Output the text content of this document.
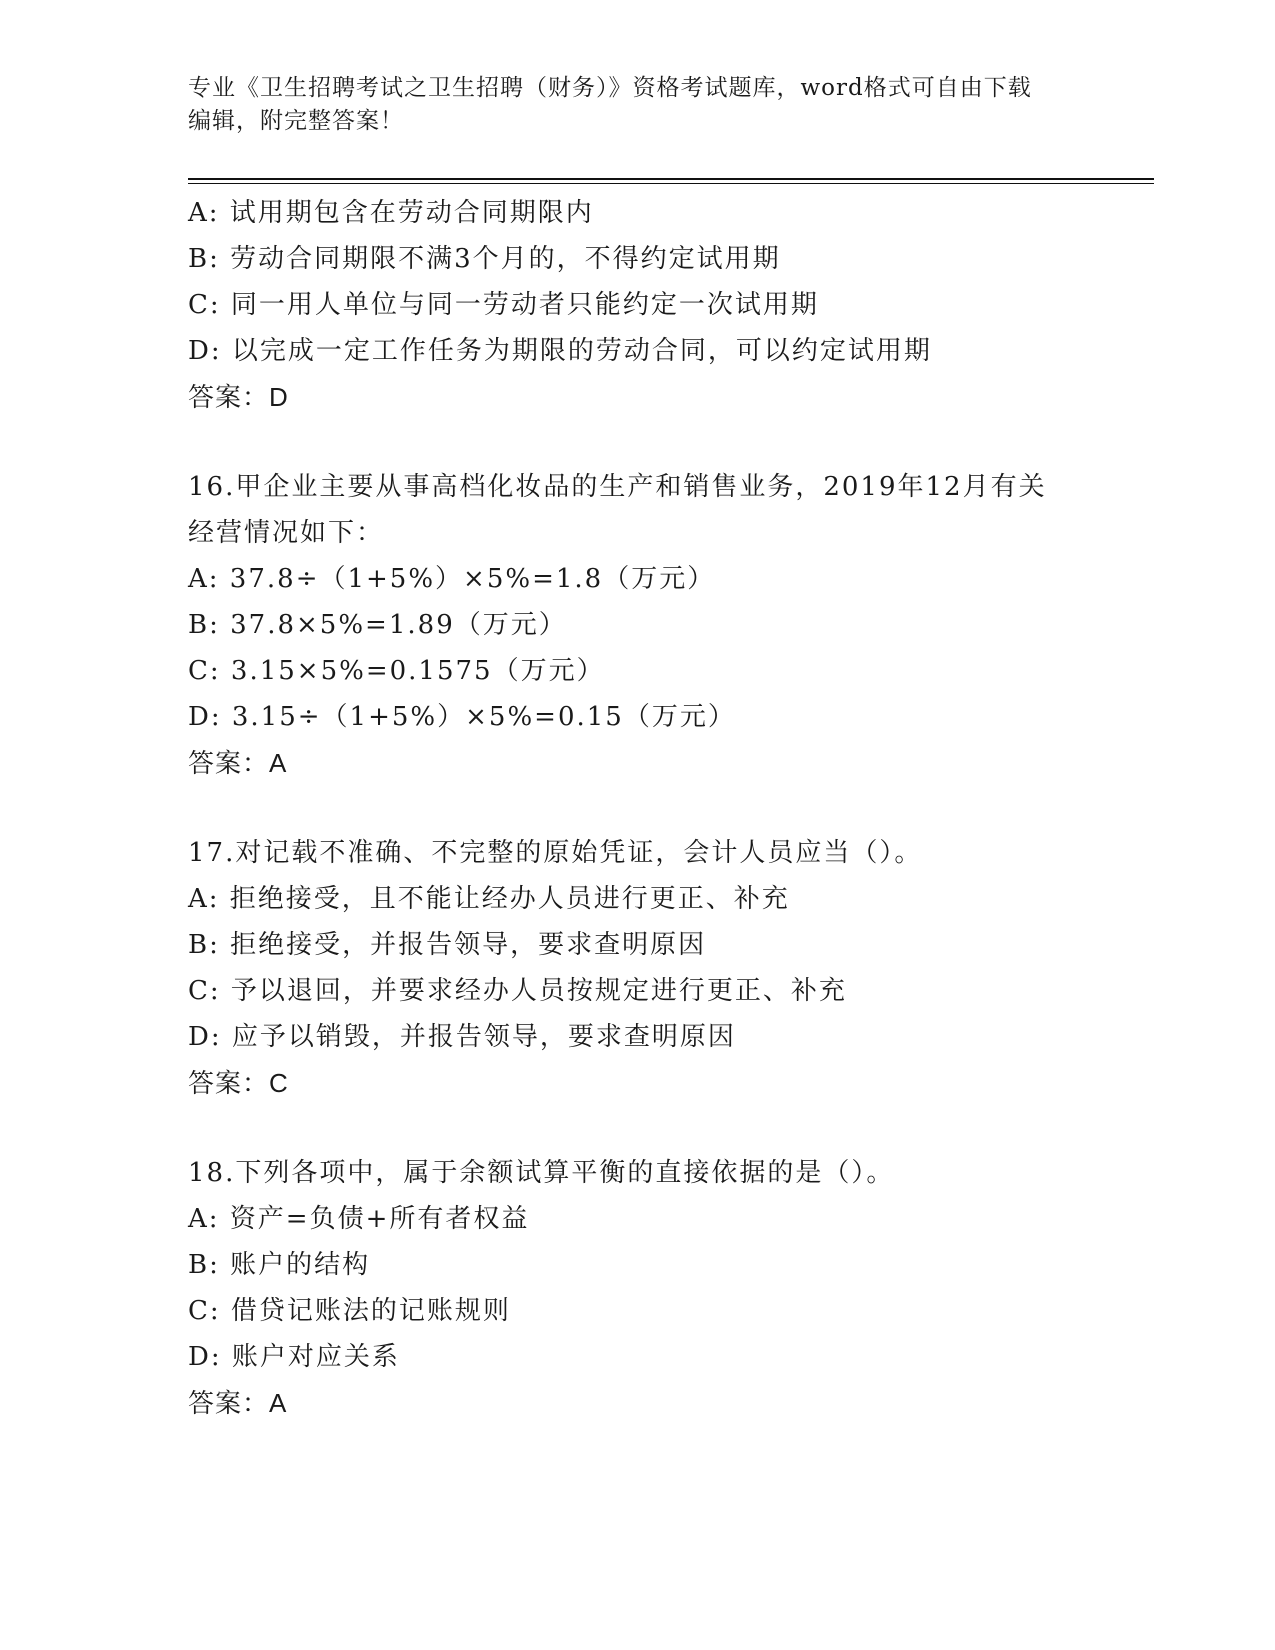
专业《卫生招聘考试之卫生招聘（财务）》资格考试题库，word格式可自由下载
编辑，附完整答案！
A: 试用期包含在劳动合同期限内
B: 劳动合同期限不满3个月的，不得约定试用期
C: 同一用人单位与同一劳动者只能约定一次试用期
D: 以完成一定工作任务为期限的劳动合同，可以约定试用期
答案：D
16.甲企业主要从事高档化妆品的生产和销售业务，2019年12月有关
经营情况如下：
A: 37.8÷（1+5%）×5%=1.8（万元）
B: 37.8×5%=1.89（万元）
C: 3.15×5%=0.1575（万元）
D: 3.15÷（1+5%）×5%=0.15（万元）
答案：A
17.对记载不准确、不完整的原始凭证，会计人员应当（）。
A: 拒绝接受，且不能让经办人员进行更正、补充
B: 拒绝接受，并报告领导，要求查明原因
C: 予以退回，并要求经办人员按规定进行更正、补充
D: 应予以销毁，并报告领导，要求查明原因
答案：C
18.下列各项中，属于余额试算平衡的直接依据的是（）。
A: 资产=负债+所有者权益
B: 账户的结构
C: 借贷记账法的记账规则
D: 账户对应关系
答案：A
